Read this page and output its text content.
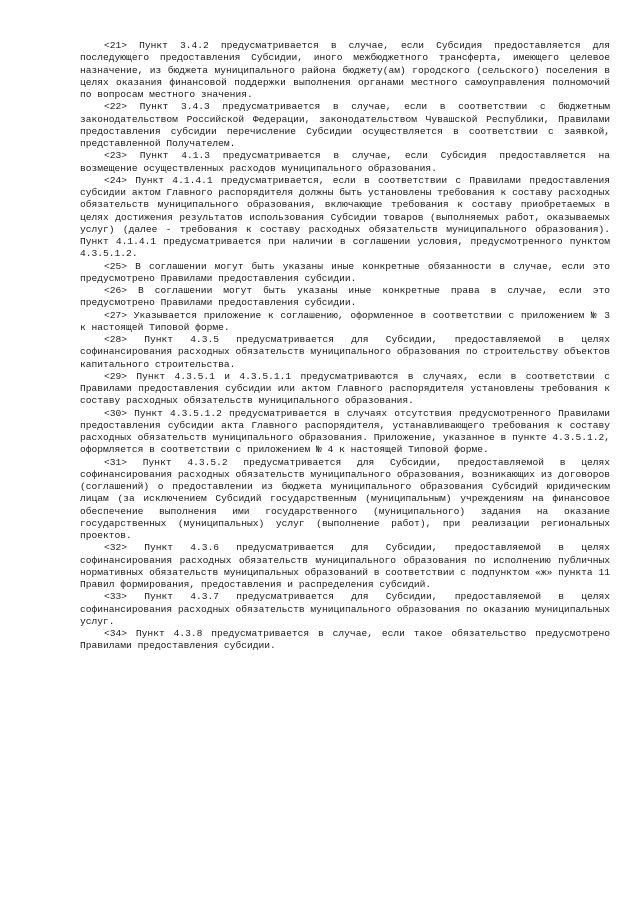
<21> Пункт 3.4.2 предусматривается в случае, если Субсидия предоставляется для последующего предоставления Субсидии, иного межбюджетного трансферта, имеющего целевое назначение, из бюджета муниципального района бюджету(ам) городского (сельского) поселения в целях оказания финансовой поддержки выполнения органами местного самоуправления полномочий по вопросам местного значения.

<22> Пункт 3.4.3 предусматривается в случае, если в соответствии с бюджетным законодательством Российской Федерации, законодательством Чувашской Республики, Правилами предоставления субсидии перечисление Субсидии осуществляется в соответствии с заявкой, представленной Получателем.

<23> Пункт 4.1.3 предусматривается в случае, если Субсидия предоставляется на возмещение осуществленных расходов муниципального образования.

<24> Пункт 4.1.4.1 предусматривается, если в соответствии с Правилами предоставления субсидии актом Главного распорядителя должны быть установлены требования к составу расходных обязательств муниципального образования, включающие требования к составу приобретаемых в целях достижения результатов использования Субсидии товаров (выполняемых работ, оказываемых услуг) (далее - требования к составу расходных обязательств муниципального образования). Пункт 4.1.4.1 предусматривается при наличии в соглашении условия, предусмотренного пунктом 4.3.5.1.2.

<25> В соглашении могут быть указаны иные конкретные обязанности в случае, если это предусмотрено Правилами предоставления субсидии.

<26> В соглашении могут быть указаны иные конкретные права в случае, если это предусмотрено Правилами предоставления субсидии.

<27> Указывается приложение к соглашению, оформленное в соответствии с приложением № 3 к настоящей Типовой форме.

<28> Пункт 4.3.5 предусматривается для Субсидии, предоставляемой в целях софинансирования расходных обязательств муниципального образования по строительству объектов капитального строительства.

<29> Пункт 4.3.5.1 и 4.3.5.1.1 предусматриваются в случаях, если в соответствии с Правилами предоставления субсидии или актом Главного распорядителя установлены требования к составу расходных обязательств муниципального образования.

<30> Пункт 4.3.5.1.2 предусматривается в случаях отсутствия предусмотренного Правилами предоставления субсидии акта Главного распорядителя, устанавливающего требования к составу расходных обязательств муниципального образования. Приложение, указанное в пункте 4.3.5.1.2, оформляется в соответствии с приложением № 4 к настоящей Типовой форме.

<31> Пункт 4.3.5.2 предусматривается для Субсидии, предоставляемой в целях софинансирования расходных обязательств муниципального образования, возникающих из договоров (соглашений) о предоставлении из бюджета муниципального образования Субсидий юридическим лицам (за исключением Субсидий государственным (муниципальным) учреждениям на финансовое обеспечение выполнения ими государственного (муниципального) задания на оказание государственных (муниципальных) услуг (выполнение работ), при реализации региональных проектов.

<32> Пункт 4.3.6 предусматривается для Субсидии, предоставляемой в целях софинансирования расходных обязательств муниципального образования по исполнению публичных нормативных обязательств муниципальных образований в соответствии с подпунктом «ж» пункта 11 Правил формирования, предоставления и распределения субсидий.

<33> Пункт 4.3.7 предусматривается для Субсидии, предоставляемой в целях софинансирования расходных обязательств муниципального образования по оказанию муниципальных услуг.

<34> Пункт 4.3.8 предусматривается в случае, если такое обязательство предусмотрено Правилами предоставления субсидии.
